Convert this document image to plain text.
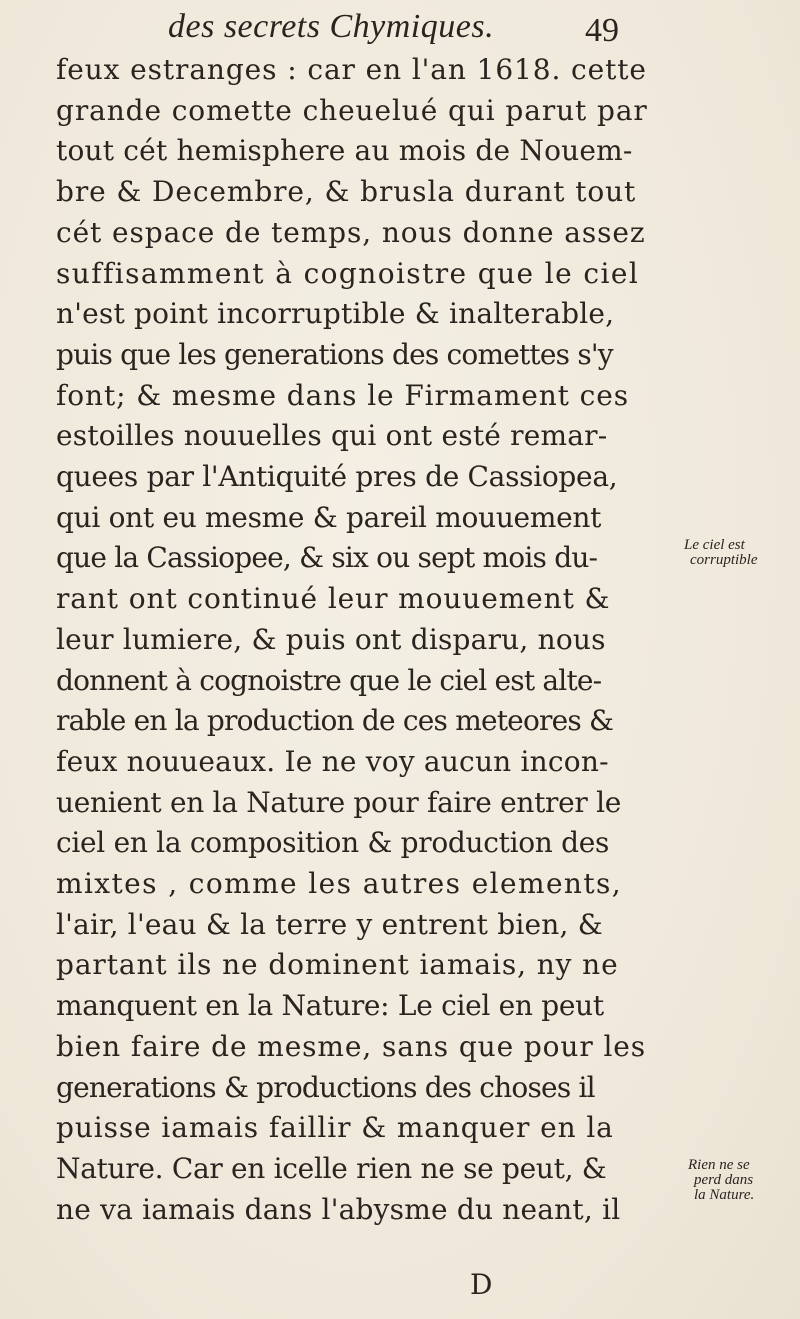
des secrets Chymiques.	49
feux estranges : car en l'an 1618. cette
grande comette cheuelué qui parut par
tout cét hemisphere au mois de Nouem-
bre & Decembre, & brusla durant tout
cét espace de temps, nous donne assez
suffisamment à cognoistre que le ciel
n'est point incorruptible & inalterable,
puis que les generations des comettes s'y
font; & mesme dans le Firmament ces
estoilles nouuelles qui ont esté remar-
quees par l'Antiquité pres de Cassiopea,
qui ont eu mesme & pareil mouuement
que la Cassiopee, & six ou sept mois du-
rant ont continué leur mouuement &
leur lumiere, & puis ont disparu, nous
donnent à cognoistre que le ciel est alte-
rable en la production de ces meteores &
feux nouueaux. Ie ne voy aucun incon-
uenient en la Nature pour faire entrer le
ciel en la composition & production des
mixtes , comme les autres elements,
l'air, l'eau & la terre y entrent bien, &
partant ils ne dominent iamais, ny ne
manquent en la Nature: Le ciel en peut
bien faire de mesme, sans que pour les
generations & productions des choses il
puisse iamais faillir & manquer en la
Nature. Car en icelle rien ne se peut, &
ne va iamais dans l'abysme du neant, il
D
Le ciel est
corruptible
Rien ne se
perd dans
la Nature.
